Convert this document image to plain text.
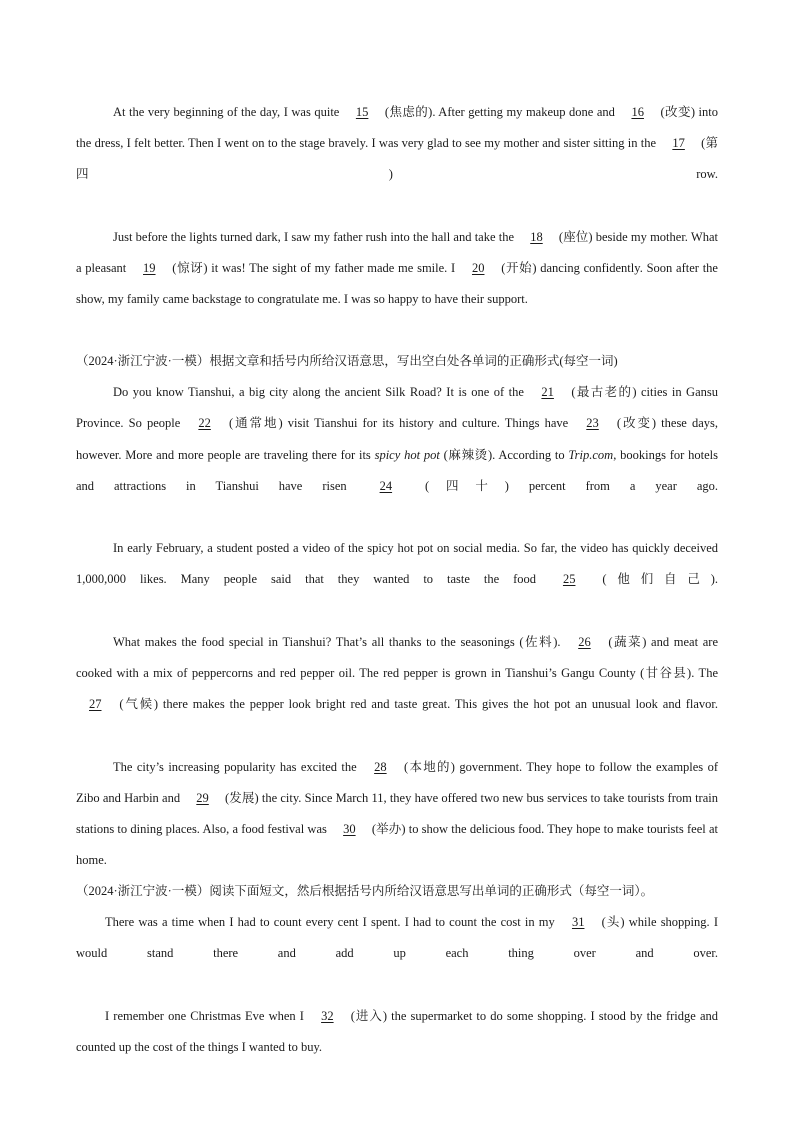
At the very beginning of the day, I was quite 15 (焦虑的). After getting my makeup done and 16 (改变) into the dress, I felt better. Then I went on to the stage bravely. I was very glad to see my mother and sister sitting in the 17 (第四) row.

Just before the lights turned dark, I saw my father rush into the hall and take the 18 (座位) beside my mother. What a pleasant 19 (惊讶) it was! The sight of my father made me smile. I 20 (开始) dancing confidently. Soon after the show, my family came backstage to congratulate me. I was so happy to have their support.

（2024·浙江宁波·一模）根据文章和括号内所给汉语意思，写出空白处各单词的正确形式(每空一词)

Do you know Tianshui, a big city along the ancient Silk Road? It is one of the 21 (最古老的) cities in Gansu Province. So people 22 (通常地) visit Tianshui for its history and culture. Things have 23 (改变) these days, however. More and more people are traveling there for its spicy hot pot (麻辣烫). According to Trip.com, bookings for hotels and attractions in Tianshui have risen 24 (四十) percent from a year ago.

In early February, a student posted a video of the spicy hot pot on social media. So far, the video has quickly deceived 1,000,000 likes. Many people said that they wanted to taste the food 25 (他们自己).

What makes the food special in Tianshui? That’s all thanks to the seasonings (佐料). 26 (蔬菜) and meat are cooked with a mix of peppercorns and red pepper oil. The red pepper is grown in Tianshui’s Gangu County (甘谷县). The 27 (气候) there makes the pepper look bright red and taste great. This gives the hot pot an unusual look and flavor.

The city’s increasing popularity has excited the 28 (本地的) government. They hope to follow the examples of Zibo and Harbin and 29 (发展) the city. Since March 11, they have offered two new bus services to take tourists from train stations to dining places. Also, a food festival was 30 (举办) to show the delicious food. They hope to make tourists feel at home.

（2024·浙江宁波·一模）阅读下面短文，然后根据括号内所给汉语意思写出单词的正确形式（每空一词）。

There was a time when I had to count every cent I spent. I had to count the cost in my 31 (头) while shopping. I would stand there and add up each thing over and over.

I remember one Christmas Eve when I 32 (进入) the supermarket to do some shopping. I stood by the fridge and counted up the cost of the things I wanted to buy.
